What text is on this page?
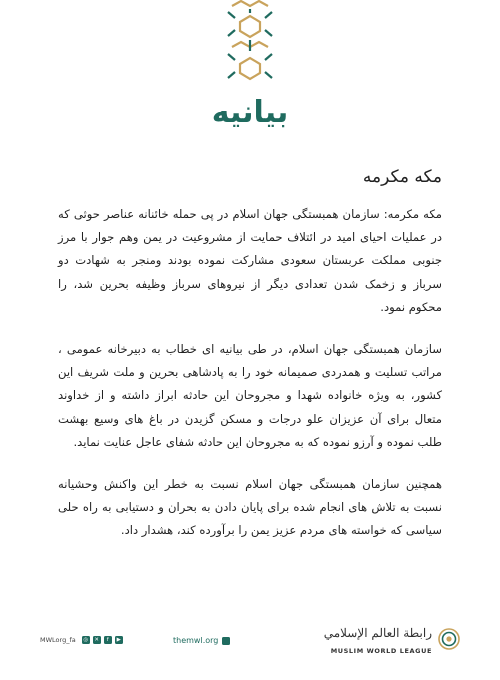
بیانیه
مکه مکرمه

مکه مکرمه: سازمان همبستگی جهان اسلام در پی حمله خائنانه عناصر حوثی که در عملیات احیای امید در ائتلاف حمایت از مشروعیت در یمن وهم جوار با مرز جنوبی مملکت عربستان سعودی مشارکت نموده بودند ومنجر به شهادت دو سرباز و زخمک شدن تعدادی دیگر از نیروهای سرباز وظیفه بحرین شد، را محکوم نمود.

سازمان همبستگی جهان اسلام، در طی بیانیه ای خطاب به دبیرخانه عمومی ، مراتب تسلیت و همدردی صمیمانه خود را به پادشاهی بحرین و ملت شریف این کشور، به ویژه خانواده شهدا و مجروحان این حادثه ابراز داشته و از خداوند متعال برای آن عزیزان علو درجات و مسکن گزیدن در باغ های وسیع بهشت طلب نموده و آرزو نموده که به مجروحان این حادثه شفای عاجل عنایت نماید.

همچنین سازمان همبستگی جهان اسلام نسبت به خطر این واکنش وحشیانه نسبت به تلاش های انجام شده برای پایان دادن به بحران و دستیابی به راه حلی سیاسی که خواسته های مردم عزیز یمن را برآورده کند، هشدار داد.

MWLorg_fa ◎	✕	f	▶	themwl.org
رابطة العالم الإسلامي
MUSLIM WORLD LEAGUE
